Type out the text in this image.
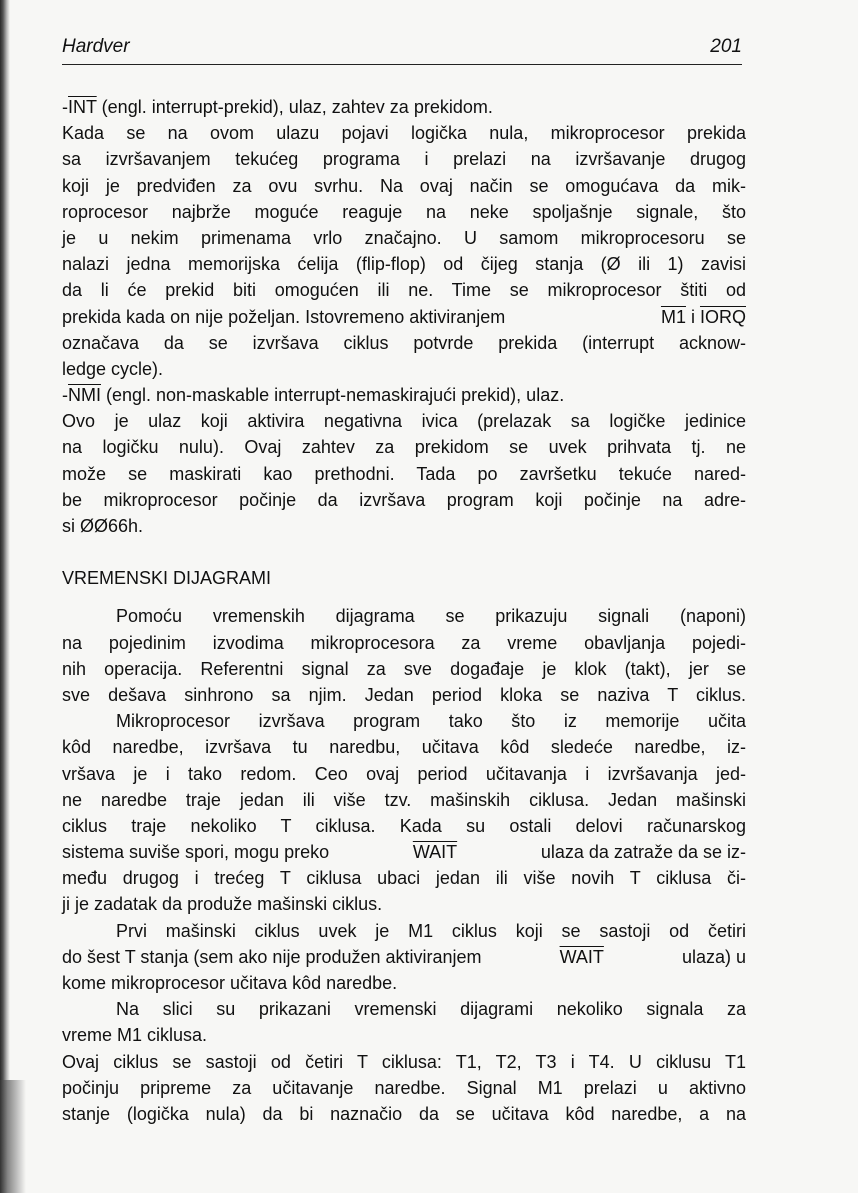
Hardver	201
$-\overline{INT}$ (engl. interrupt-prekid), ulaz, zahtev za prekidom.
Kada se na ovom ulazu pojavi logička nula, mikroprocesor prekida
sa izvršavanjem tekućeg programa i prelazi na izvršavanje drugog
koji je predviđen za ovu svrhu. Na ovaj način se omogućava da mik-
roprocesor najbrže moguće reaguje na neke spoljašnje signale, što
je u nekim primenama vrlo značajno. U samom mikroprocesoru se
nalazi jedna memorijska ćelija (flip-flop) od čijeg stanja (Ø ili 1) zavisi
da li će prekid biti omogućen ili ne. Time se mikroprocesor štiti od
prekida kada on nije poželjan. Istovremeno aktiviranjem	M1 i IORQ
označava da se izvršava ciklus potvrde prekida (interrupt acknow-
ledge cycle).
$-\overline{NMI}$ (engl. non-maskable interrupt-nemaskirajući prekid), ulaz.
Ovo je ulaz koji aktivira negativna ivica (prelazak sa logičke jedinice
na logičku nulu). Ovaj zahtev za prekidom se uvek prihvata tj. ne
može se maskirati kao prethodni. Tada po završetku tekuće nared-
be mikroprocesor počinje da izvršava program koji počinje na adre-
si ØØ66h.
VREMENSKI DIJAGRAMI
Pomoću vremenskih dijagrama se prikazuju signali (naponi)
na pojedinim izvodima mikroprocesora za vreme obavljanja pojedi-
nih operacija. Referentni signal za sve događaje je klok (takt), jer se
sve dešava sinhrono sa njim. Jedan period kloka se naziva T ciklus.
Mikroprocesor izvršava program tako što iz memorije učita
kôd naredbe, izvršava tu naredbu, učitava kôd sledeće naredbe, iz-
vršava je i tako redom. Ceo ovaj period učitavanja i izvršavanja jed-
ne naredbe traje jedan ili više tzv. mašinskih ciklusa. Jedan mašinski
ciklus traje nekoliko T ciklusa. Kada su ostali delovi računarskog
sistema suviše spori, mogu preko	WAIT	ulaza da zatraže da se iz-
među drugog i trećeg T ciklusa ubaci jedan ili više novih T ciklusa či-
ji je zadatak da produže mašinski ciklus.
Prvi mašinski ciklus uvek je M1 ciklus koji se sastoji od četiri
do šest T stanja (sem ako nije produžen aktiviranjem	WAIT	ulaza) u
kome mikroprocesor učitava kôd naredbe.
Na slici su prikazani vremenski dijagrami nekoliko signala za
vreme M1 ciklusa.
Ovaj ciklus se sastoji od četiri T ciklusa: T1, T2, T3 i T4. U ciklusu T1
počinju pripreme za učitavanje naredbe. Signal M1 prelazi u aktivno
stanje (logička nula) da bi naznačio da se učitava kôd naredbe, a na
